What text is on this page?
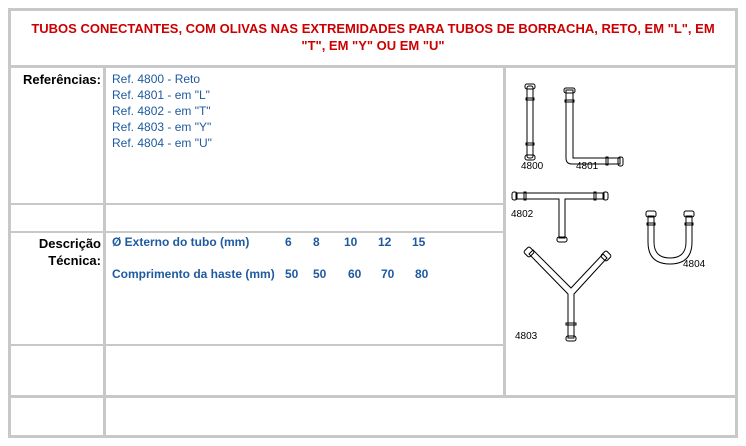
TUBOS CONECTANTES, COM OLIVAS NAS EXTREMIDADES PARA TUBOS DE BORRACHA, RETO, EM "L", EM "T", EM "Y" OU EM "U"
Referências: Ref. 4800 - Reto
Ref. 4801 - em "L"
Ref. 4802 - em "T"
Ref. 4803 - em "Y"
Ref. 4804 - em "U"
Descrição
Técnica:
Ø Externo do tubo (mm)	6 8 10 12 15
Comprimento da haste (mm) 50 50 60 70 80
4800	4801
4802
4804
4803
